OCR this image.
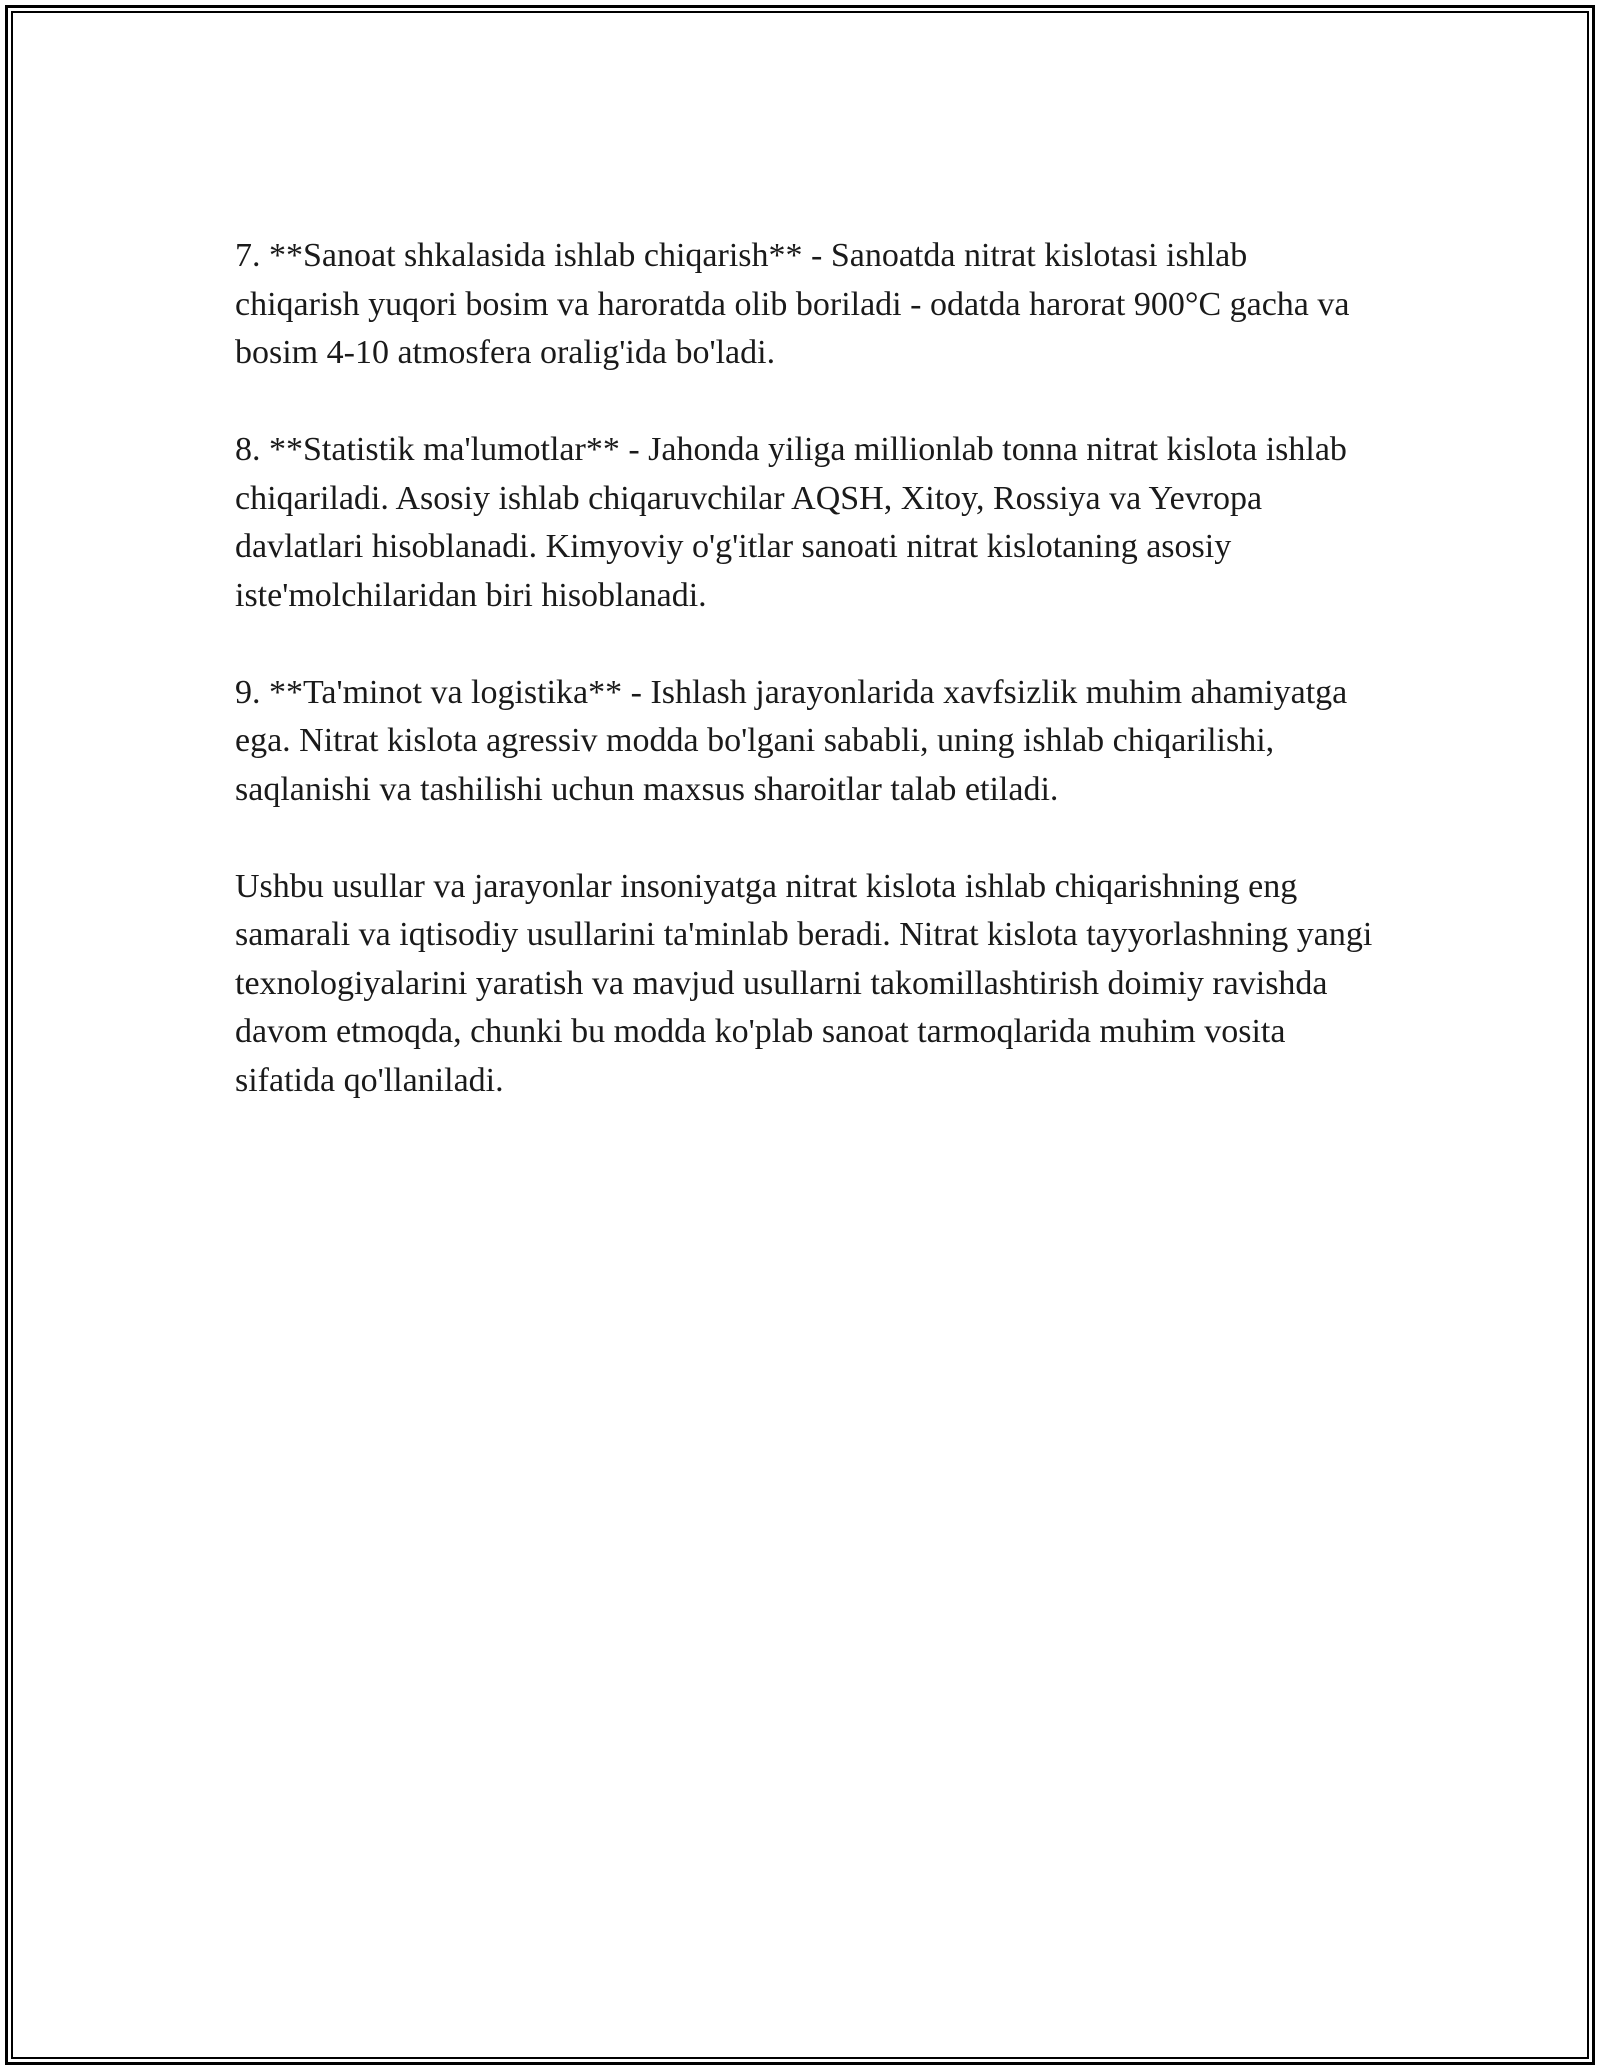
7. **Sanoat shkalasida ishlab chiqarish** - Sanoatda nitrat kislotasi ishlab chiqarish yuqori bosim va haroratda olib boriladi - odatda harorat 900°C gacha va bosim 4-10 atmosfera oralig'ida bo'ladi.

8. **Statistik ma'lumotlar** - Jahonda yiliga millionlab tonna nitrat kislota ishlab chiqariladi. Asosiy ishlab chiqaruvchilar AQSH, Xitoy, Rossiya va Yevropa davlatlari hisoblanadi. Kimyoviy o'g'itlar sanoati nitrat kislotaning asosiy iste'molchilaridan biri hisoblanadi.

9. **Ta'minot va logistika** - Ishlash jarayonlarida xavfsizlik muhim ahamiyatga ega. Nitrat kislota agressiv modda bo'lgani sababli, uning ishlab chiqarilishi, saqlanishi va tashilishi uchun maxsus sharoitlar talab etiladi.

Ushbu usullar va jarayonlar insoniyatga nitrat kislota ishlab chiqarishning eng samarali va iqtisodiy usullarini ta'minlab beradi. Nitrat kislota tayyorlashning yangi texnologiyalarini yaratish va mavjud usullarni takomillashtirish doimiy ravishda davom etmoqda, chunki bu modda ko'plab sanoat tarmoqlarida muhim vosita sifatida qo'llaniladi.
